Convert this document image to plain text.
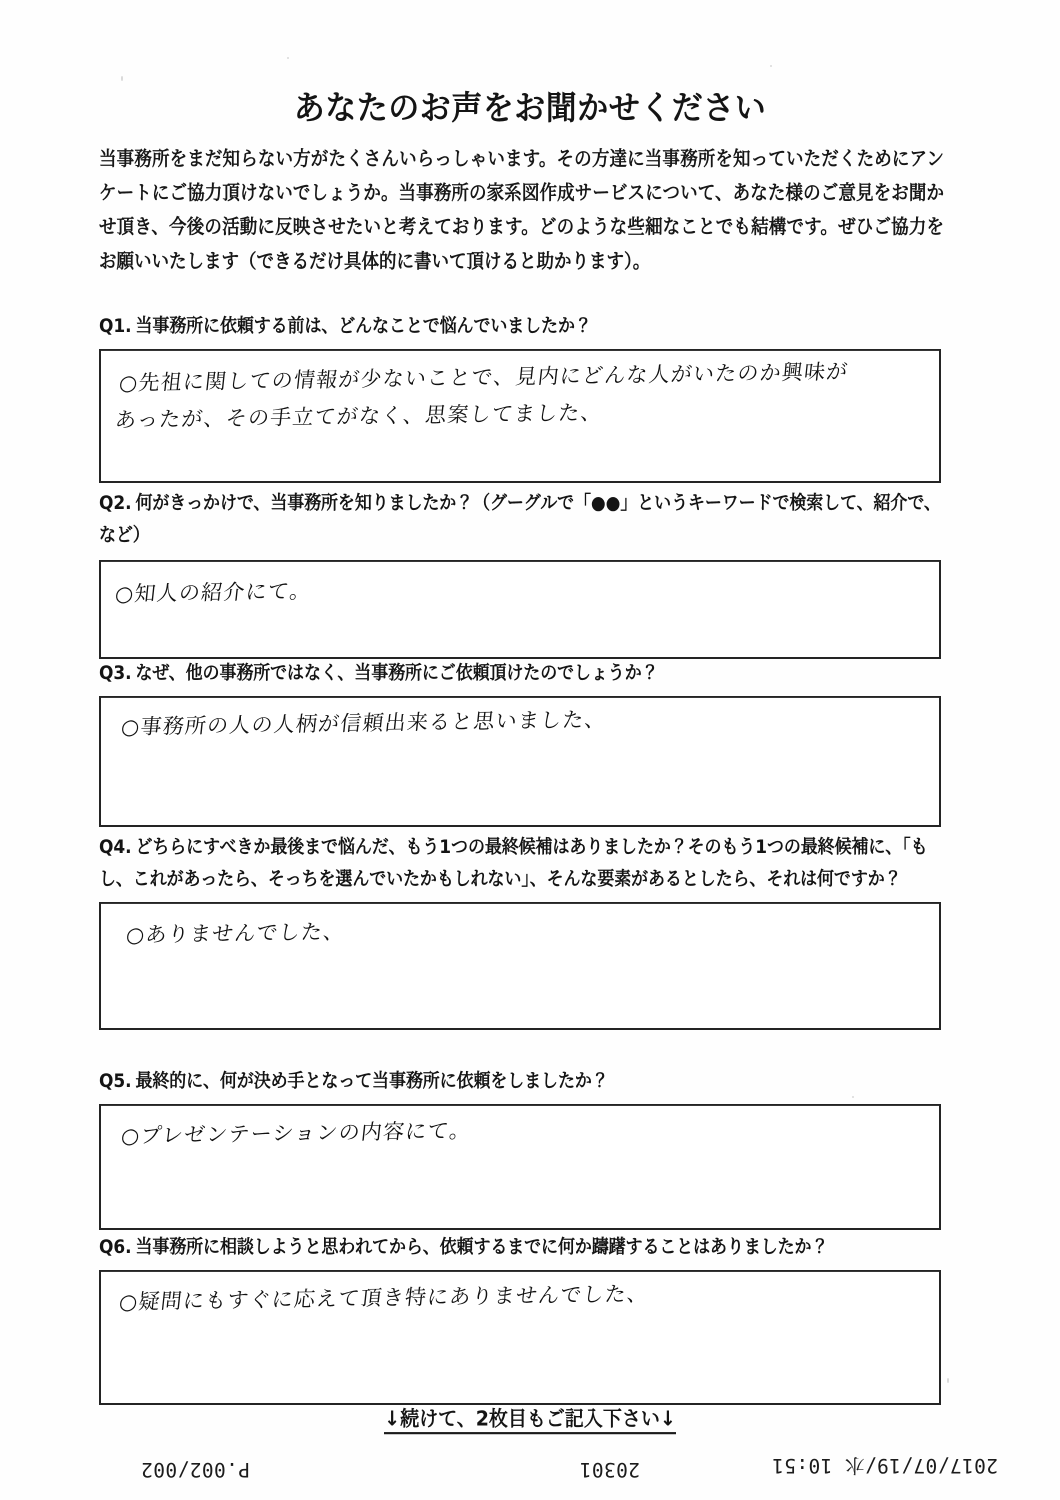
あなたのお声をお聞かせください
当事務所をまだ知らない方がたくさんいらっしゃいます。その方達に当事務所を知っていただくためにアンケートにご協力頂けないでしょうか。当事務所の家系図作成サービスについて、あなた様のご意見をお聞かせ頂き、今後の活動に反映させたいと考えております。どのような些細なことでも結構です。ぜひご協力をお願いいたします（できるだけ具体的に書いて頂けると助かります）。
Q1. 当事務所に依頼する前は、どんなことで悩んでいましたか？
○先祖に関しての情報が少ないことで、見内にどんな人がいたのか興味が
あったが、その手立てがなく、思案してました、
Q2. 何がきっかけで、当事務所を知りましたか？（グーグルで「●●」というキーワードで検索して、紹介で、など）
○知人の紹介にて。
Q3. なぜ、他の事務所ではなく、当事務所にご依頼頂けたのでしょうか？
○事務所の人の人柄が信頼出来ると思いました、
Q4. どちらにすべきか最後まで悩んだ、もう1つの最終候補はありましたか？そのもう1つの最終候補に、「もし、これがあったら、そっちを選んでいたかもしれない」、そんな要素があるとしたら、それは何ですか？
○ありませんでした、
Q5. 最終的に、何が決め手となって当事務所に依頼をしましたか？
○プレゼンテーションの内容にて。
Q6. 当事務所に相談しようと思われてから、依頼するまでに何か躊躇することはありましたか？
○疑問にもすぐに応えて頂き特にありませんでした、
↓続けて、2枚目もご記入下さい↓
2017/07/19/水 10:51
20301
P.002/002
